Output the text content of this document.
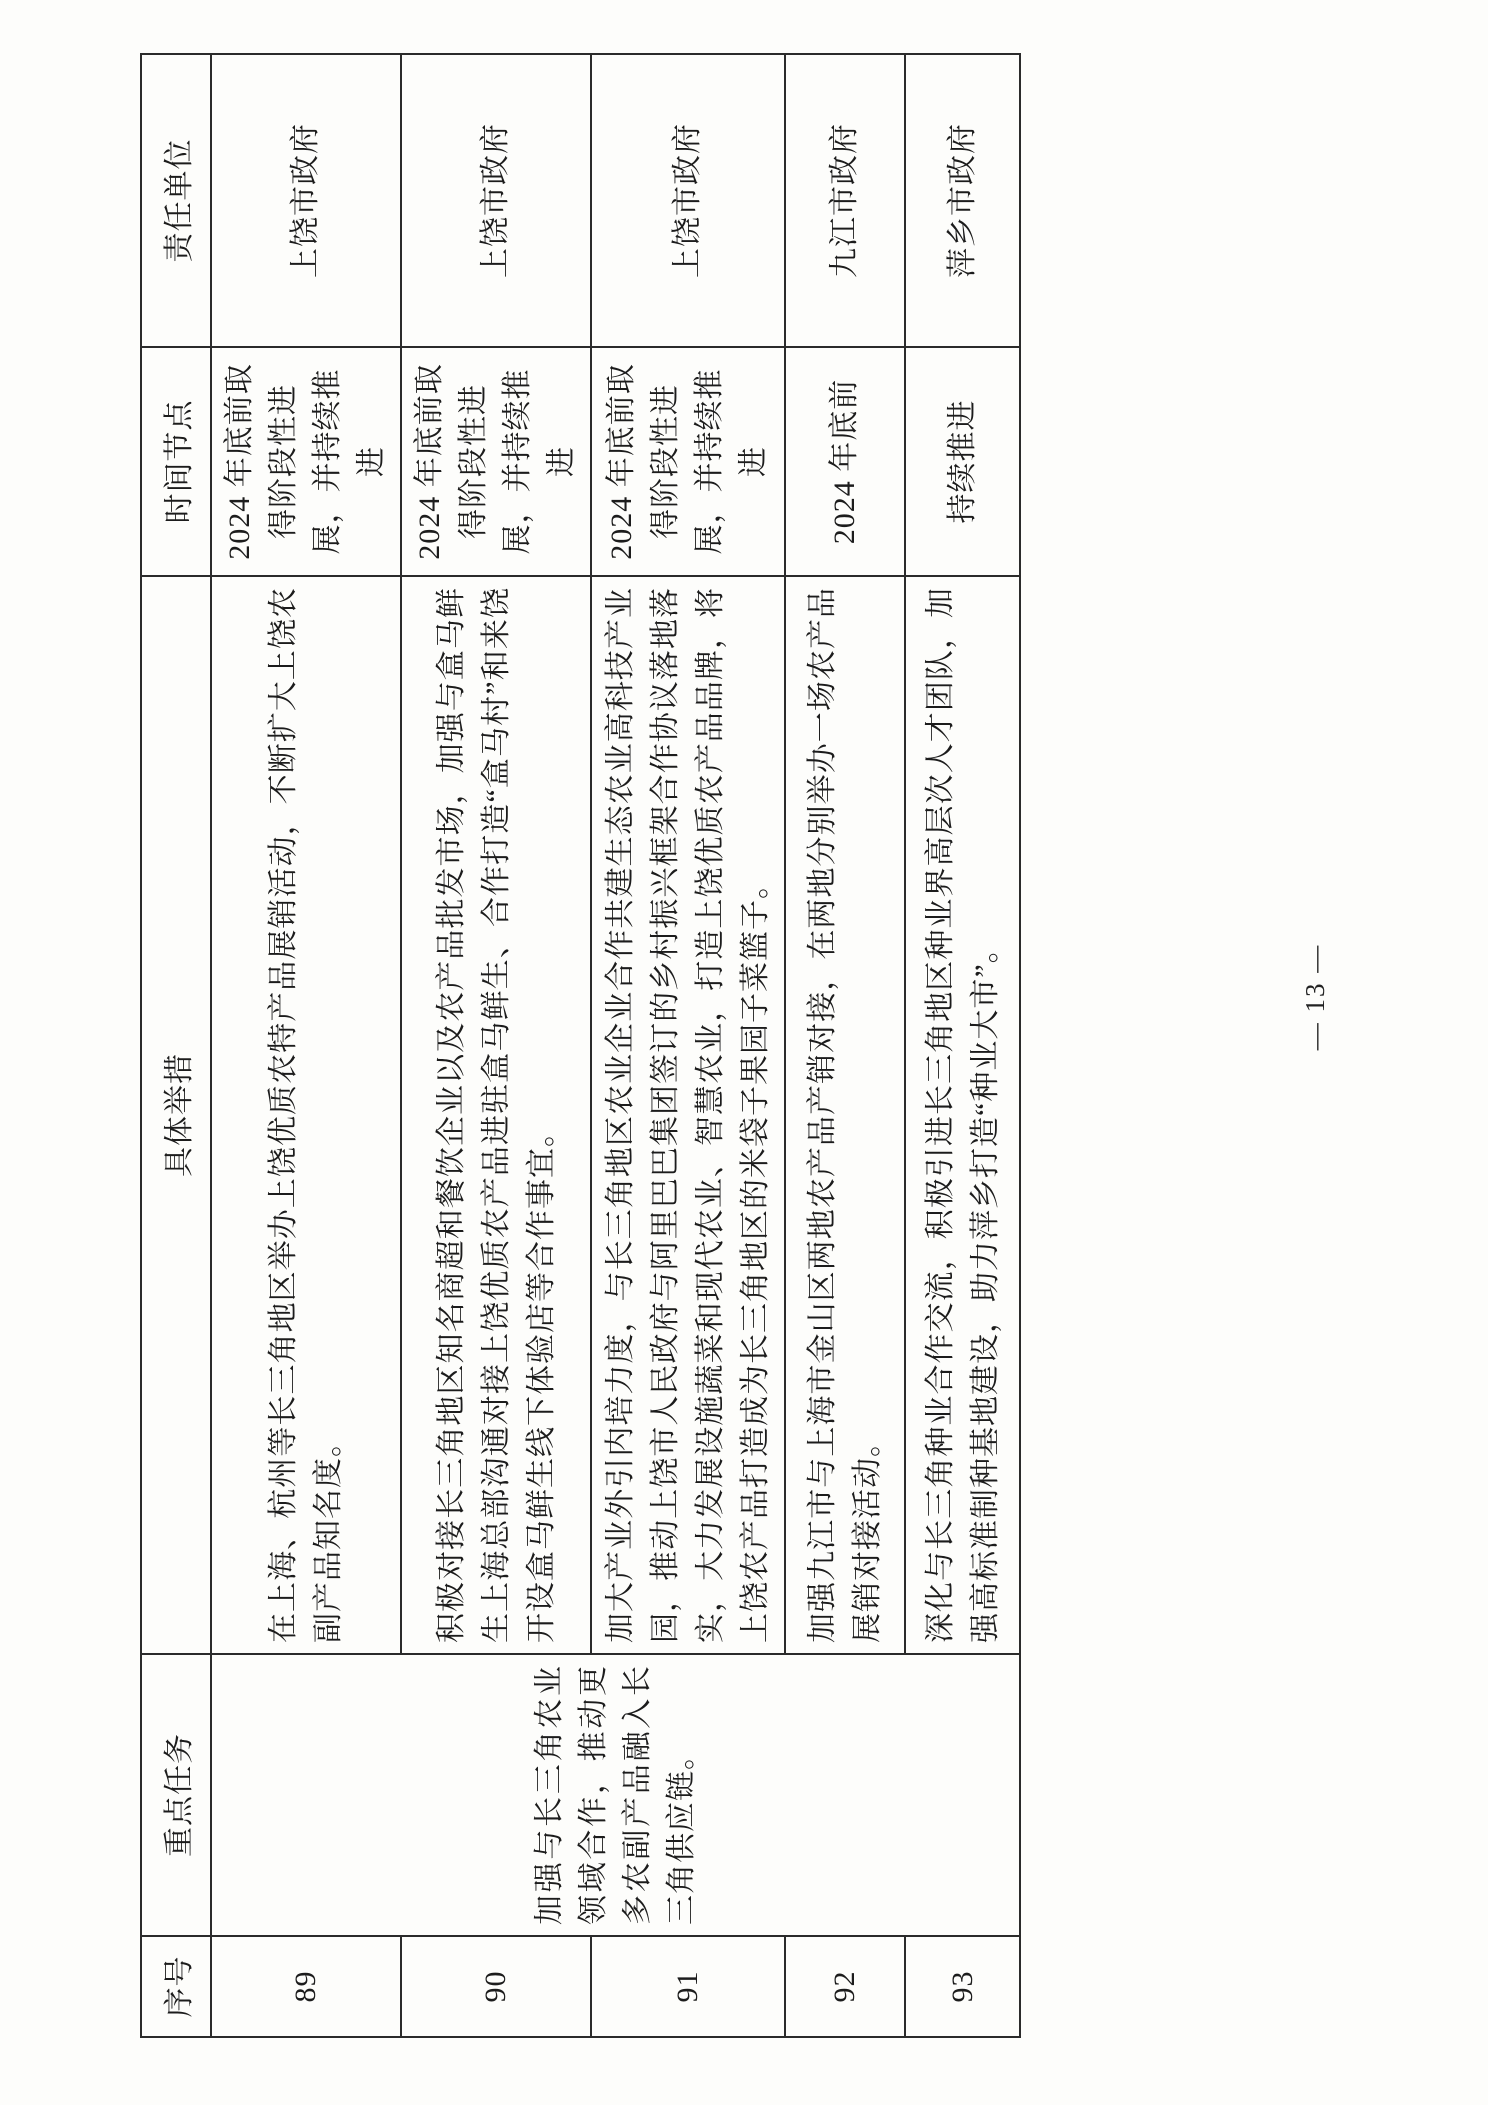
序号	重点任务	具体举措	时间节点	责任单位
89	加强与长三角农业领域合作，推动更多农副产品融入长三角供应链。	在上海、杭州等长三角地区举办上饶优质农特产品展销活动，不断扩大上饶农副产品知名度。	2024 年底前取得阶段性进展，并持续推进	上饶市政府
90		积极对接长三角地区知名商超和餐饮企业以及农产品批发市场，加强与盒马鲜生上海总部沟通对接上饶优质农产品进驻盒马鲜生、合作打造“盒马村”和来饶开设盒马鲜生线下体验店等合作事宜。	2024 年底前取得阶段性进展，并持续推进	上饶市政府
91		加大产业外引内培力度，与长三角地区农业企业合作共建生态农业高科技产业园，推动上饶市人民政府与阿里巴巴集团签订的乡村振兴框架合作协议落地落实，大力发展设施蔬菜和现代农业、智慧农业，打造上饶优质农产品品牌，将上饶农产品打造成为长三角地区的米袋子果园子菜篮子。	2024 年底前取得阶段性进展，并持续推进	上饶市政府
92		加强九江市与上海市金山区两地农产品产销对接，在两地分别举办一场农产品展销对接活动。	2024 年底前	九江市政府
93		深化与长三角种业合作交流，积极引进长三角地区种业界高层次人才团队，加强高标准制种基地建设，助力萍乡打造“种业大市”。	持续推进	萍乡市政府
— 13 —
